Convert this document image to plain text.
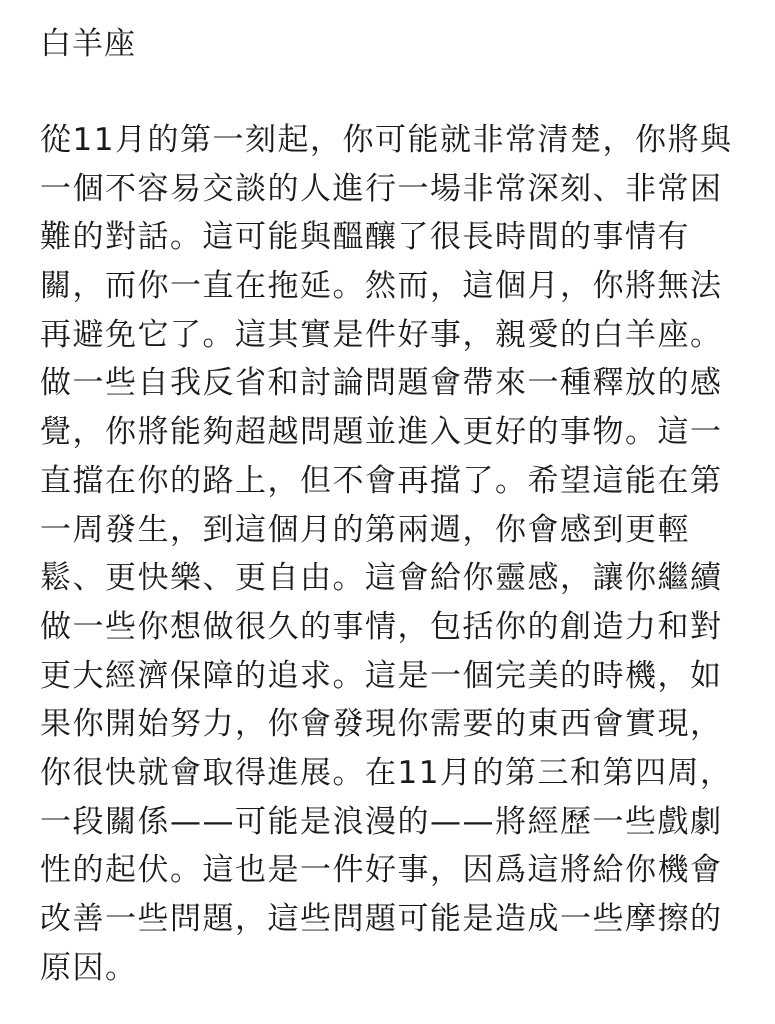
白羊座
從11月的第一刻起，你可能就非常清楚，你將與
一個不容易交談的人進行一場非常深刻、非常困
難的對話。這可能與醞釀了很長時間的事情有
關，而你一直在拖延。然而，這個月，你將無法
再避免它了。這其實是件好事，親愛的白羊座。
做一些自我反省和討論問題會帶來一種釋放的感
覺，你將能夠超越問題並進入更好的事物。這一
直擋在你的路上，但不會再擋了。希望這能在第
一周發生，到這個月的第兩週，你會感到更輕
鬆、更快樂、更自由。這會給你靈感，讓你繼續
做一些你想做很久的事情，包括你的創造力和對
更大經濟保障的追求。這是一個完美的時機，如
果你開始努力，你會發現你需要的東西會實現，
你很快就會取得進展。在11月的第三和第四周，
一段關係——可能是浪漫的——將經歷一些戲劇
性的起伏。這也是一件好事，因爲這將給你機會
改善一些問題，這些問題可能是造成一些摩擦的
原因。
